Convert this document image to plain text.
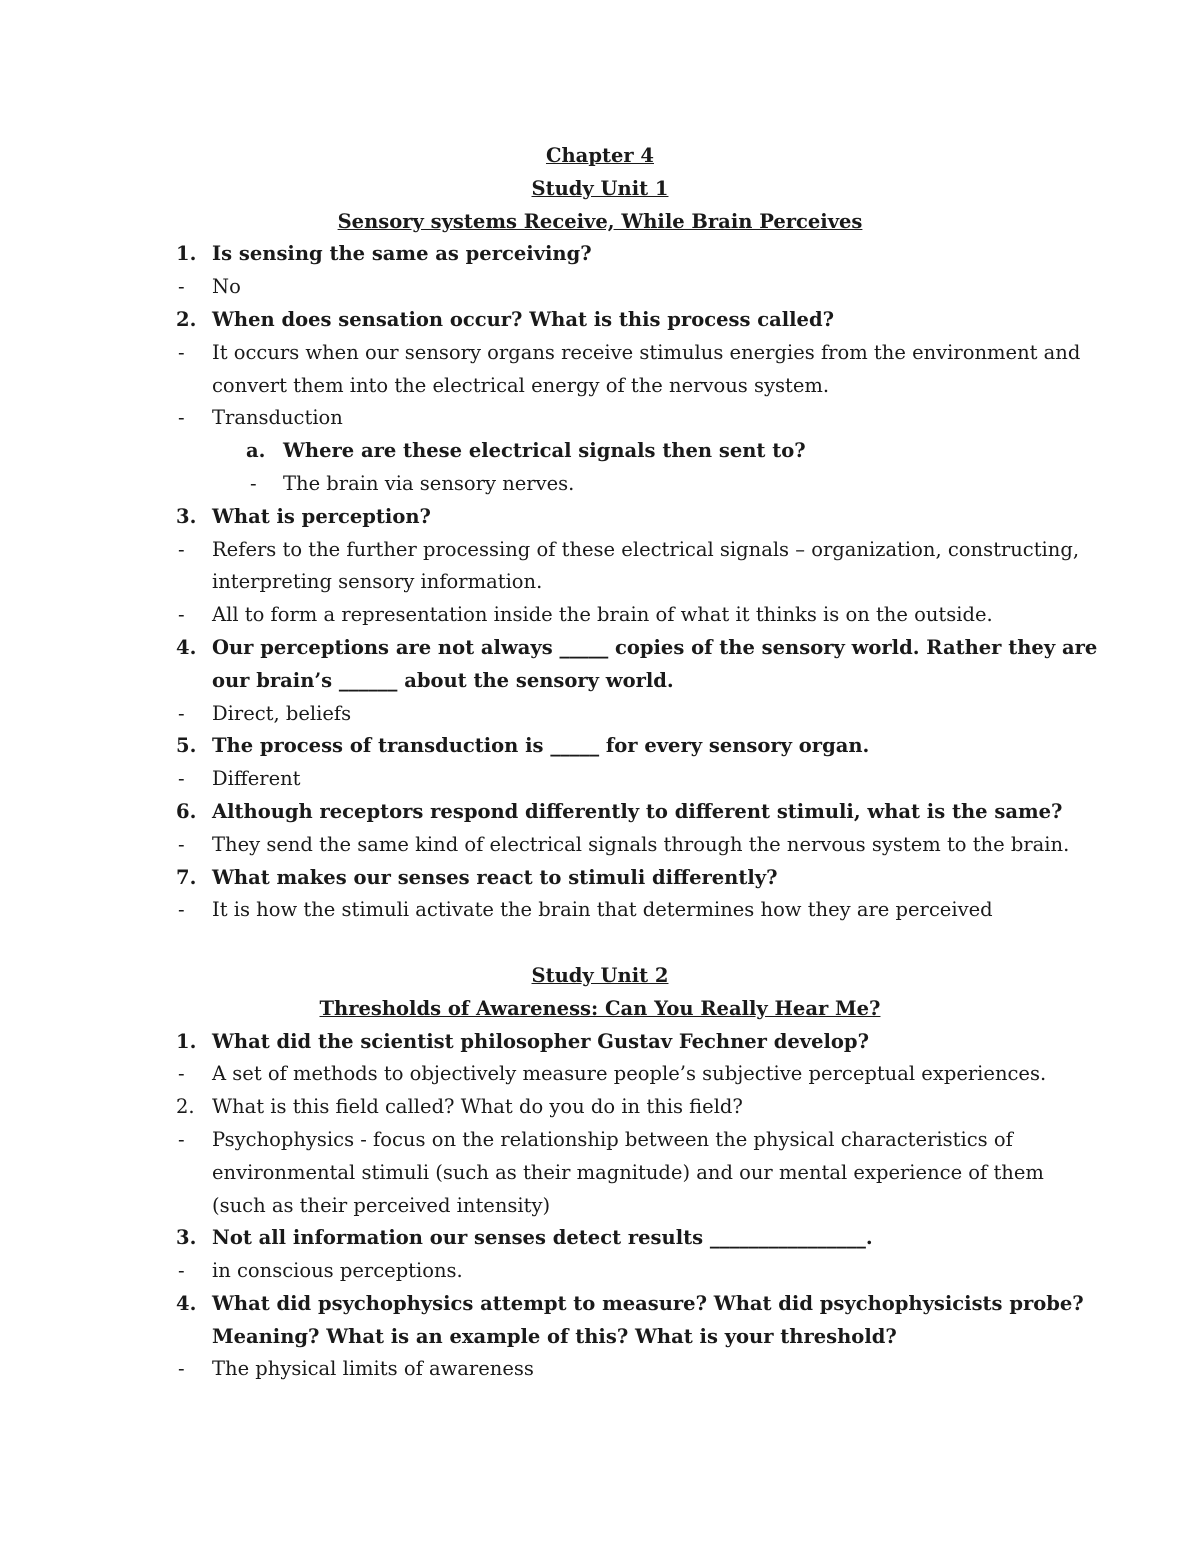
Chapter 4
Study Unit 1
Sensory systems Receive, While Brain Perceives
1. Is sensing the same as perceiving?
- No
2. When does sensation occur? What is this process called?
- It occurs when our sensory organs receive stimulus energies from the environment and
convert them into the electrical energy of the nervous system.
- Transduction
a. Where are these electrical signals then sent to?
- The brain via sensory nerves.
3. What is perception?
- Refers to the further processing of these electrical signals – organization, constructing,
interpreting sensory information.
- All to form a representation inside the brain of what it thinks is on the outside.
4. Our perceptions are not always _____ copies of the sensory world. Rather they are
our brain’s ______ about the sensory world.
- Direct, beliefs
5. The process of transduction is _____ for every sensory organ.
- Different
6. Although receptors respond differently to different stimuli, what is the same?
- They send the same kind of electrical signals through the nervous system to the brain.
7. What makes our senses react to stimuli differently?
- It is how the stimuli activate the brain that determines how they are perceived
Study Unit 2
Thresholds of Awareness: Can You Really Hear Me?
1. What did the scientist philosopher Gustav Fechner develop?
- A set of methods to objectively measure people’s subjective perceptual experiences.
2. What is this field called? What do you do in this field?
- Psychophysics - focus on the relationship between the physical characteristics of
environmental stimuli (such as their magnitude) and our mental experience of them
(such as their perceived intensity)
3. Not all information our senses detect results ________________.
- in conscious perceptions.
4. What did psychophysics attempt to measure? What did psychophysicists probe?
Meaning? What is an example of this? What is your threshold?
- The physical limits of awareness
